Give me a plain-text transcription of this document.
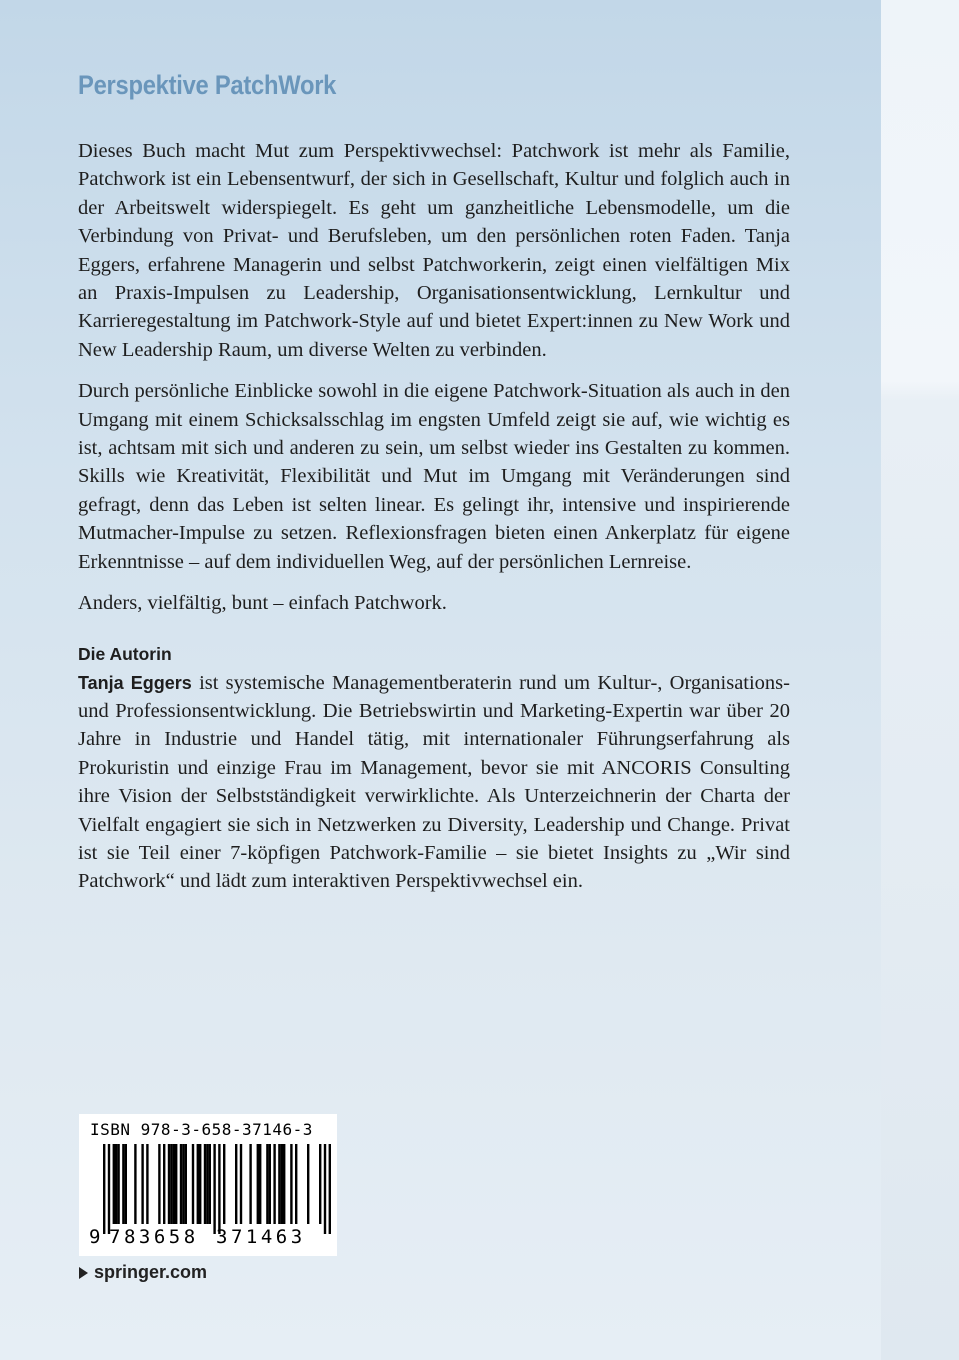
Perspektive PatchWork

Dieses Buch macht Mut zum Perspektivwechsel: Patchwork ist mehr als Familie, Patchwork ist ein Lebensentwurf, der sich in Gesellschaft, Kultur und folglich auch in der Arbeitswelt widerspiegelt. Es geht um ganzheitliche Lebensmodelle, um die Verbindung von Privat- und Berufsleben, um den persönlichen roten Faden. Tanja Eggers, erfahrene Managerin und selbst Patchworkerin, zeigt einen vielfältigen Mix an Praxis-Impulsen zu Leadership, Organisationsentwicklung, Lernkultur und Karrieregestaltung im Patchwork-Style auf und bietet Expert:innen zu New Work und New Leadership Raum, um diverse Welten zu verbinden.

Durch persönliche Einblicke sowohl in die eigene Patchwork-Situation als auch in den Umgang mit einem Schicksalsschlag im engsten Umfeld zeigt sie auf, wie wichtig es ist, achtsam mit sich und anderen zu sein, um selbst wieder ins Gestalten zu kommen. Skills wie Kreativität, Flexibilität und Mut im Umgang mit Veränderungen sind gefragt, denn das Leben ist selten linear. Es gelingt ihr, intensive und inspirierende Mutmacher-Impulse zu setzen. Reflexionsfragen bieten einen Ankerplatz für eigene Erkenntnisse – auf dem individuellen Weg, auf der persönlichen Lernreise.

Anders, vielfältig, bunt – einfach Patchwork.

Die Autorin

Tanja Eggers ist systemische Managementberaterin rund um Kultur-, Organisations- und Professionsentwicklung. Die Betriebswirtin und Marketing-Expertin war über 20 Jahre in Industrie und Handel tätig, mit internationaler Führungserfahrung als Prokuristin und einzige Frau im Management, bevor sie mit ANCORIS Consulting ihre Vision der Selbstständigkeit verwirklichte. Als Unterzeichnerin der Charta der Vielfalt engagiert sie sich in Netzwerken zu Diversity, Leadership und Change. Privat ist sie Teil einer 7-köpfigen Patchwork-Familie – sie bietet Insights zu „Wir sind Patchwork“ und lädt zum interaktiven Perspektivwechsel ein.

ISBN 978-3-658-37146-3
9 783658 371463
springer.com
